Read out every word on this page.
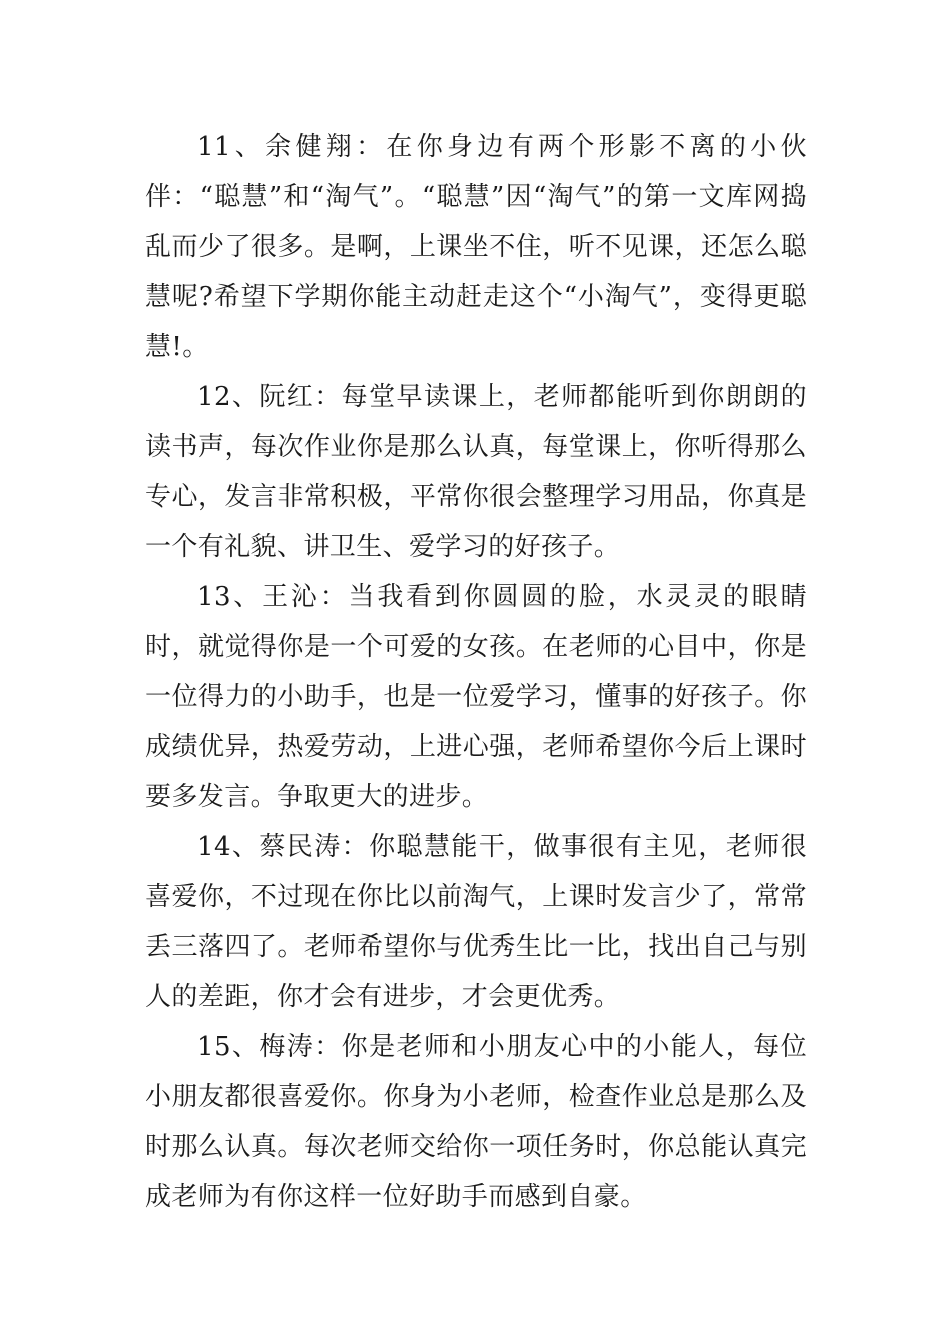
11、余健翔：在你身边有两个形影不离的小伙伴：“聪慧”和“淘气”。“聪慧”因“淘气”的第一文库网捣乱而少了很多。是啊，上课坐不住，听不见课，还怎么聪慧呢?希望下学期你能主动赶走这个“小淘气”，变得更聪慧!。

12、阮红：每堂早读课上，老师都能听到你朗朗的读书声，每次作业你是那么认真，每堂课上，你听得那么专心，发言非常积极，平常你很会整理学习用品，你真是一个有礼貌、讲卫生、爱学习的好孩子。

13、王沁：当我看到你圆圆的脸，水灵灵的眼睛时，就觉得你是一个可爱的女孩。在老师的心目中，你是一位得力的小助手，也是一位爱学习，懂事的好孩子。你成绩优异，热爱劳动，上进心强，老师希望你今后上课时要多发言。争取更大的进步。

14、蔡民涛：你聪慧能干，做事很有主见，老师很喜爱你，不过现在你比以前淘气，上课时发言少了，常常丢三落四了。老师希望你与优秀生比一比，找出自己与别人的差距，你才会有进步，才会更优秀。

15、梅涛：你是老师和小朋友心中的小能人，每位小朋友都很喜爱你。你身为小老师，检查作业总是那么及时那么认真。每次老师交给你一项任务时，你总能认真完成老师为有你这样一位好助手而感到自豪。
